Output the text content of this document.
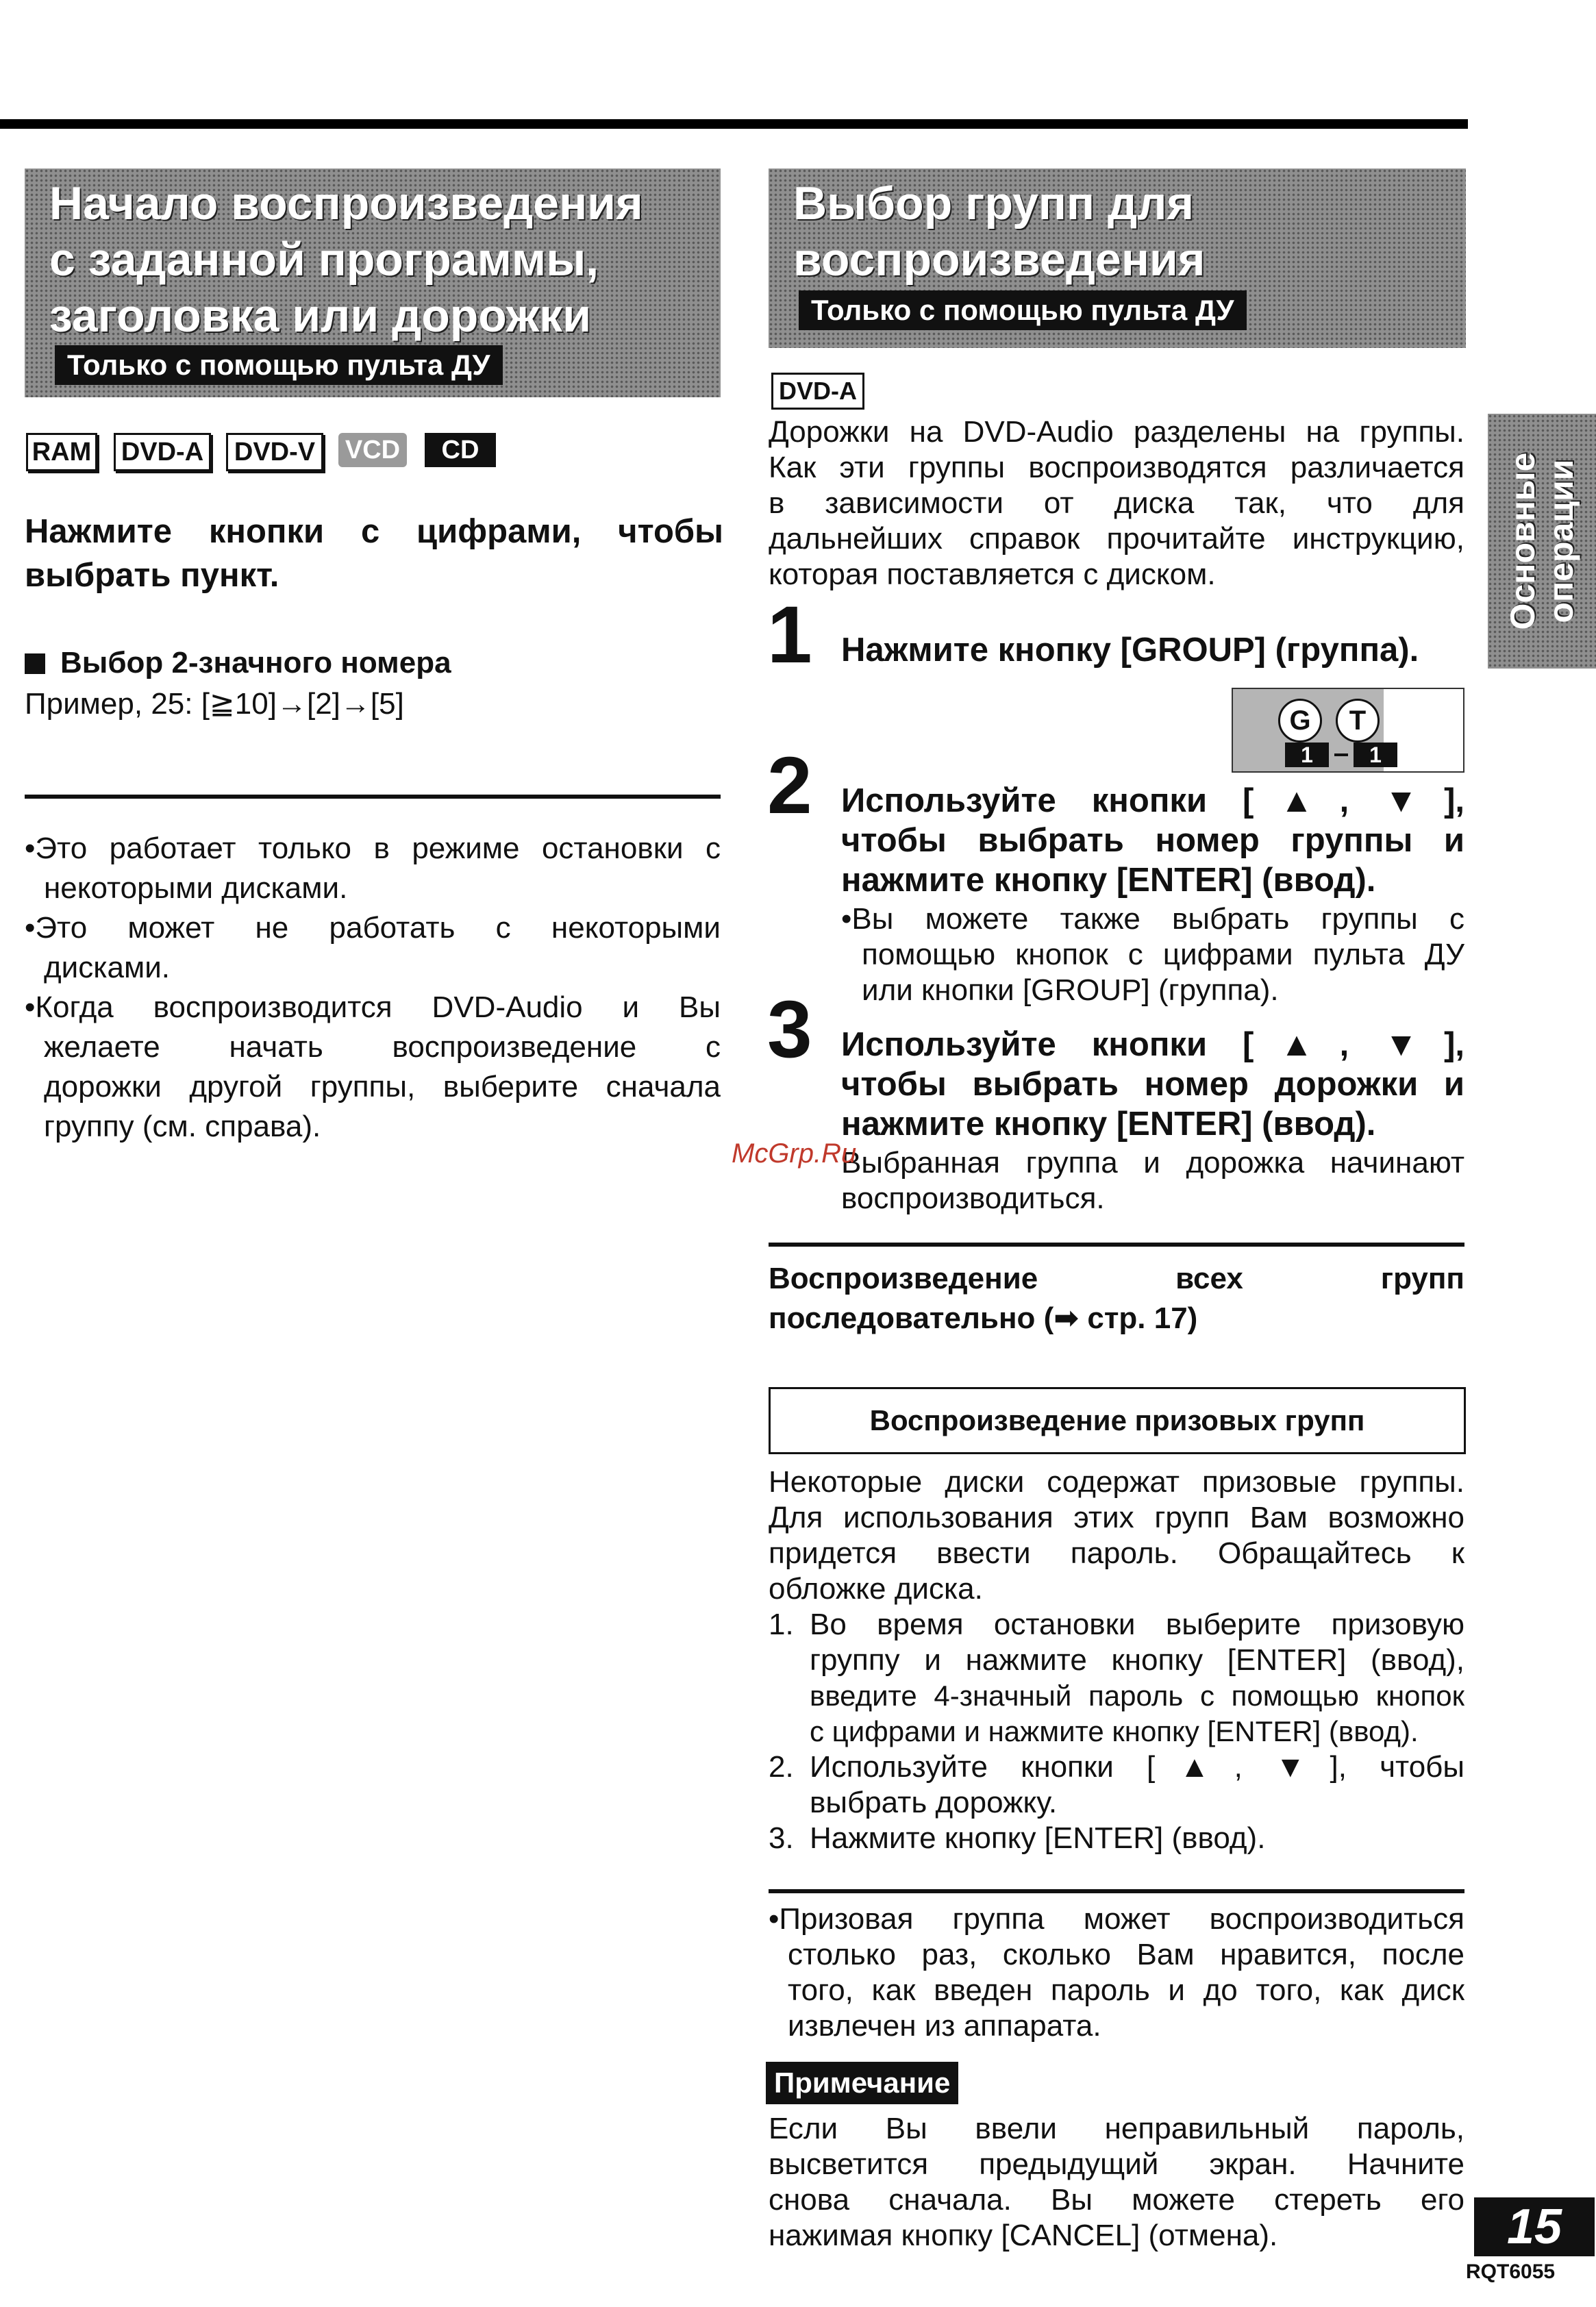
Начало воспроизведения

с заданной программы,

заголовка или дорожки

Только с помощью пульта ДУ
RAM DVD-A	DVD-V	VCD	CD

Нажмите кнопки с цифрами, чтобы выбрать пункт.

Выбор 2-значного номера

Пример, 25: [≧10]→[2]→[5]

•Это работает только в режиме остановки с

некоторыми дисками.

•Это может не работать с некоторыми

дисками.

•Когда воспроизводится DVD-Audio и Вы

желаете начать воспроизведение с

дорожки другой группы, выберите сначала

группу (см. справа).

Выбор групп для

воспроизведения

Только с помощью пульта ДУ
DVD-A

Дорожки на DVD-Audio разделены на группы.

Как эти группы воспроизводятся различается

в зависимости от диска так, что для

дальнейших справок прочитайте инструкцию,

которая поставляется с диском.

1 Нажмите кнопку [GROUP] (группа).

G	T
1	1
2 Используйте кнопки [▲, ▼],

чтобы выбрать номер группы и

нажмите кнопку [ENTER] (ввод).

•Вы можете также выбрать группы с

помощью кнопок с цифрами пульта ДУ

или кнопки [GROUP] (группа).

3 Используйте кнопки [▲, ▼],

чтобы выбрать номер дорожки и

нажмите кнопку [ENTER] (ввод).

Выбранная группа и дорожка начинают

воспроизводиться.

Воспроизведение всех групп

последовательно (➡ стр. 17)

Воспроизведение призовых групп

Некоторые диски содержат призовые группы.

Для использования этих групп Вам возможно

придется ввести пароль. Обращайтесь к

обложке диска.

1. Во время остановки выберите призовую

группу и нажмите кнопку [ENTER] (ввод),

введите 4-значный пароль с помощью кнопок

с цифрами и нажмите кнопку [ENTER] (ввод).

2. Используйте кнопки [▲, ▼], чтобы

выбрать дорожку.

3. Нажмите кнопку [ENTER] (ввод).

•Призовая группа может воспроизводиться

столько раз, сколько Вам нравится, после

того, как введен пароль и до того, как диск

извлечен из аппарата.

Примечание

Если Вы ввели неправильный пароль,

высветится предыдущий экран. Начните

снова сначала. Вы можете стереть его

нажимая кнопку [CANCEL] (отмена).

Основные операции
15
RQT6055
McGrp.Ru
